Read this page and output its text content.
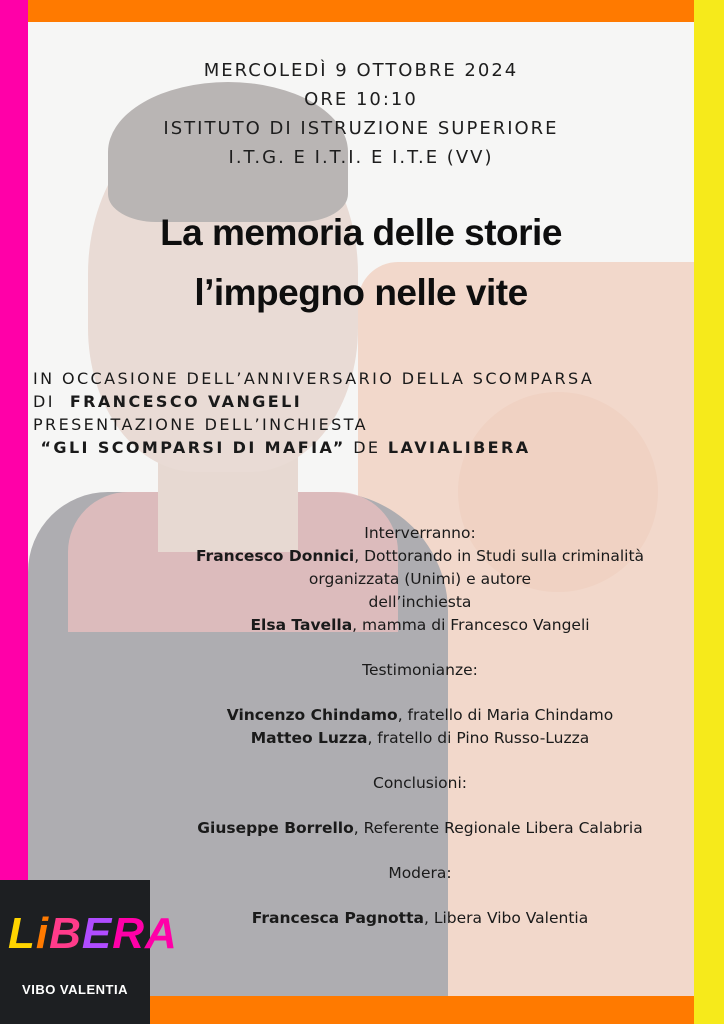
MERCOLEDÌ 9 OTTOBRE 2024
ORE 10:10
ISTITUTO DI ISTRUZIONE SUPERIORE
I.T.G. E I.T.I. E I.T.E (VV)
La memoria delle storie
l’impegno nelle vite
IN OCCASIONE DELL’ANNIVERSARIO DELLA SCOMPARSA
DI FRANCESCO VANGELI
PRESENTAZIONE DELL’INCHIESTA
“GLI SCOMPARSI DI MAFIA” DE LAVIALIBERA

Interverranno:

Francesco Donnici, Dottorando in Studi sulla criminalità

organizzata (Unimi) e autore

dell’inchiesta

Elsa Tavella, mamma di Francesco Vangeli

Testimonianze:

Vincenzo Chindamo, fratello di Maria Chindamo

Matteo Luzza, fratello di Pino Russo-Luzza

Conclusioni:

Giuseppe Borrello, Referente Regionale Libera Calabria

Modera:

Francesca Pagnotta, Libera Vibo Valentia

LiBERA
VIBO VALENTIA
